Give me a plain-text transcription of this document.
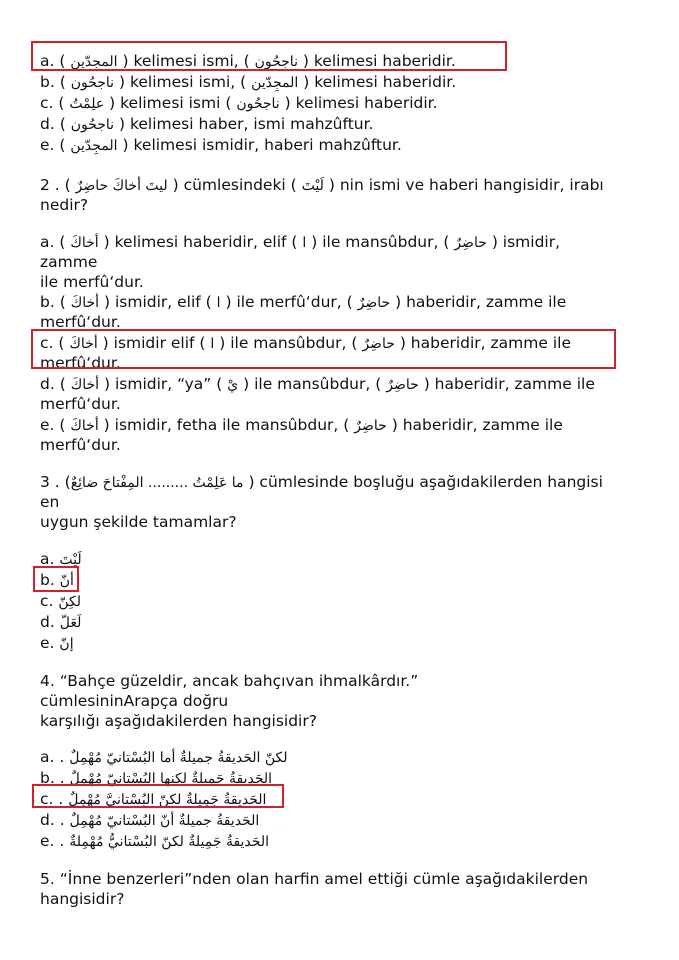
a. ( المجِدّين ) kelimesi ismi, ( ناجحُون ) kelimesi haberidir.
b. ( ناجحُون ) kelimesi ismi, ( المجِدّين ) kelimesi haberidir.
c. ( علِمْتُ ) kelimesi ismi ( ناجحُون ) kelimesi haberidir.
d. ( ناجحُون ) kelimesi haber, ismi mahzûftur.
e. ( المجِدّين ) kelimesi ismidir, haberi mahzûftur.
2 . ( ليتَ أخاكَ حاضِرٌ ) cümlesindeki ( لَيْتَ ) nin ismi ve haberi hangisidir, irabı
nedir?
a. ( أخاكَ ) kelimesi haberidir, elif ( ا ) ile mansûbdur, ( حاضِرٌ ) ismidir,
zamme
ile merfû‘dur.
b. ( أخاكَ ) ismidir, elif ( ا ) ile merfû‘dur, ( حاضِرٌ ) haberidir, zamme ile
merfû‘dur.
c. ( أخاكَ ) ismidir elif ( ا ) ile mansûbdur, ( حاضِرٌ ) haberidir, zamme ile
merfû‘dur.
d. ( أخاكَ ) ismidir, “ya” ( يْ ) ile mansûbdur, ( حاضِرٌ ) haberidir, zamme ile
merfû‘dur.
e. ( أخاكَ ) ismidir, fetha ile mansûbdur, ( حاضِرٌ ) haberidir, zamme ile
merfû‘dur.
3 . (ما عَلِمْتُ ......... المِفْتاحَ ضائِعٌ ) cümlesinde boşluğu aşağıdakilerden hangisi
en
uygun şekilde tamamlar?
a. لَيْتَ
b. أنّ
c. لكِنّ
d. لَعَلّ
e. إنّ
4. “Bahçe güzeldir, ancak bahçıvan ihmalkârdır.”
cümlesininArapça doğru
karşılığı aşağıdakilerden hangisidir?
a. . لكنّ الحَديقةُ جميلةٌ أما البُسْتانيّ مُهْمِلٌ
b. . الحَديقةُ جَميلةٌ لكنها البُسْتانيّ مُهْمِلٌ
c. . الحَديقةُ جَمِيلةٌ لكنّ البُسْتانيَّ مُهْمِلٌ
d. . الحَديقةُ جميلةٌ أنّ البُسْتانيّ مُهْمِلٌ
e. . الحَديقةُ جَمِيلةٌ لكنّ البُسْتانيُّ مُهْمِلةٌ
5. “İnne benzerleri”nden olan harfin amel ettiği cümle aşağıdakilerden
hangisidir?
